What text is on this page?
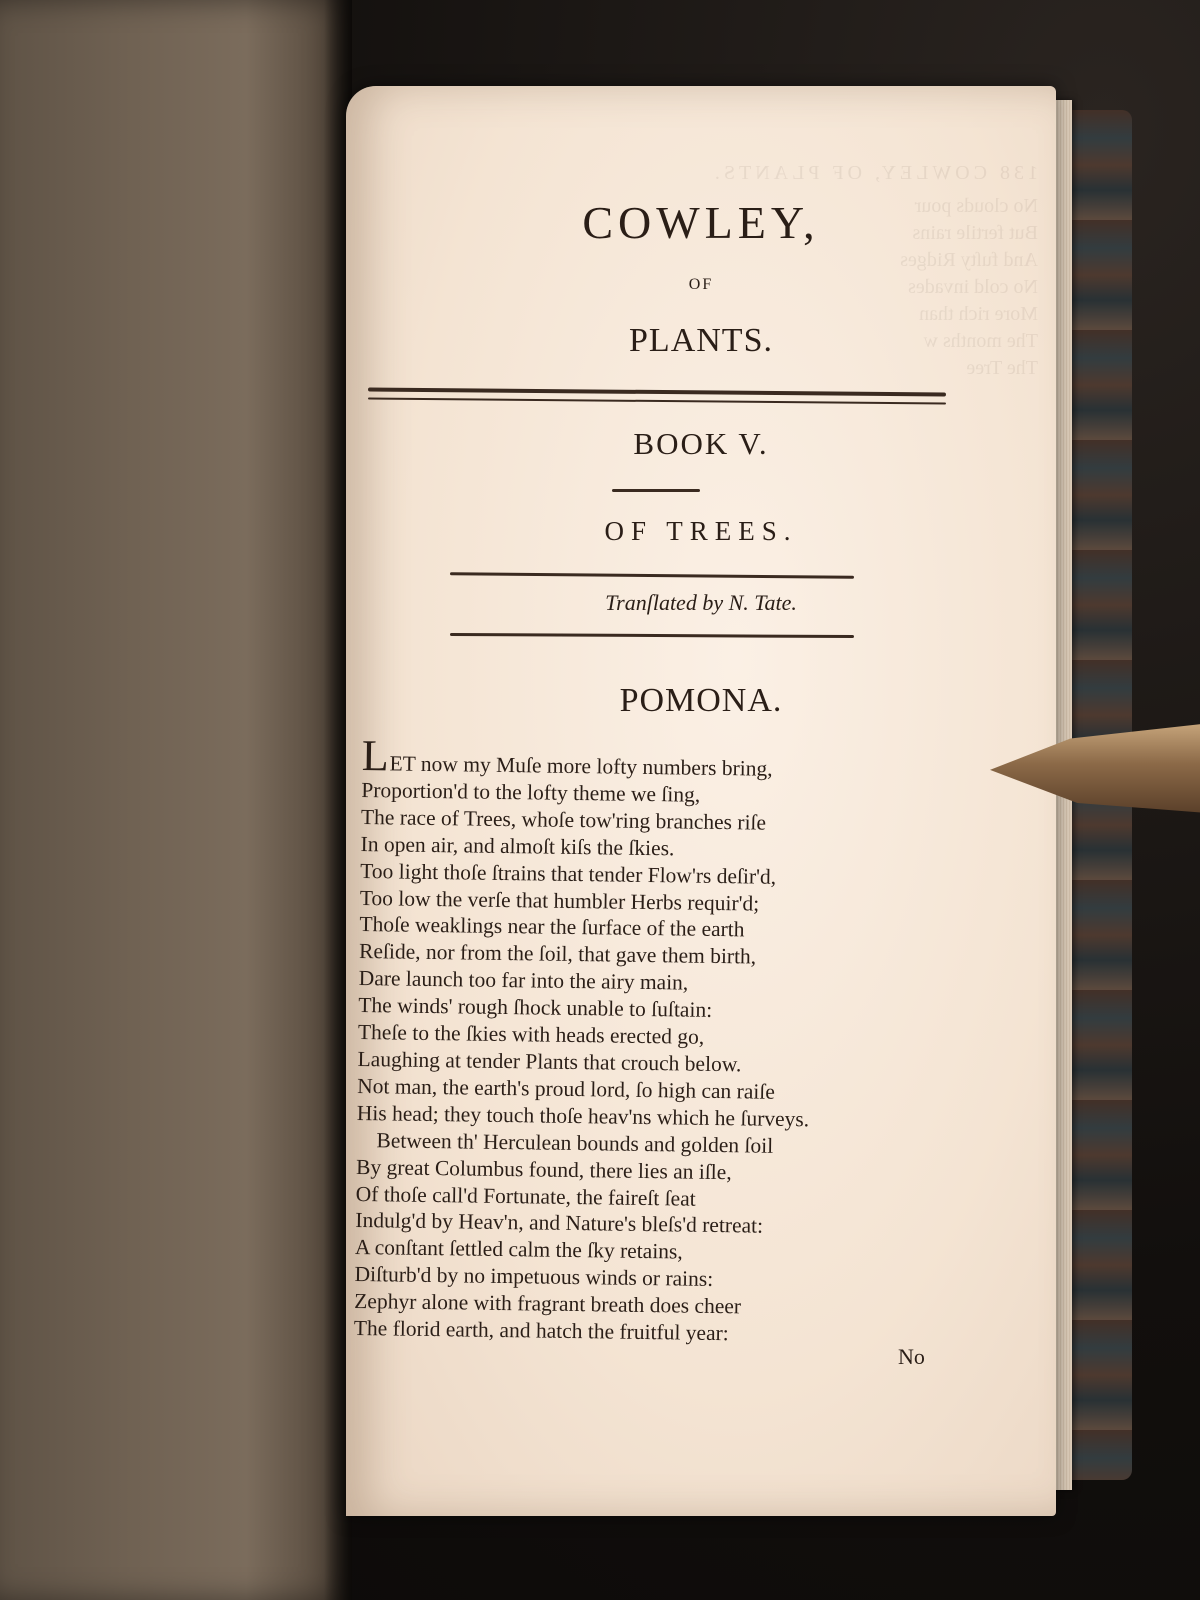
138 COWLEY, OF PLANTS.
No clouds pour
But fertile rains
And fuſty Ridges
No cold invades
More rich than
The months w
The Tree
COWLEY,
OF
PLANTS.
BOOK V.
OF TREES.
Tranſlated by N. Tate.
POMONA.
LET now my Muſe more lofty numbers bring,
Proportion'd to the lofty theme we ſing,
The race of Trees, whoſe tow'ring branches riſe
In open air, and almoſt kiſs the ſkies.
Too light thoſe ſtrains that tender Flow'rs deſir'd,
Too low the verſe that humbler Herbs requir'd;
Thoſe weaklings near the ſurface of the earth
Reſide, nor from the ſoil, that gave them birth,
Dare launch too far into the airy main,
The winds' rough ſhock unable to ſuſtain:
Theſe to the ſkies with heads erected go,
Laughing at tender Plants that crouch below.
Not man, the earth's proud lord, ſo high can raiſe
His head; they touch thoſe heav'ns which he ſurveys.
Between th' Herculean bounds and golden ſoil
By great Columbus found, there lies an iſle,
Of thoſe call'd Fortunate, the faireſt ſeat
Indulg'd by Heav'n, and Nature's bleſs'd retreat:
A conſtant ſettled calm the ſky retains,
Diſturb'd by no impetuous winds or rains:
Zephyr alone with fragrant breath does cheer
The florid earth, and hatch the fruitful year:
No
